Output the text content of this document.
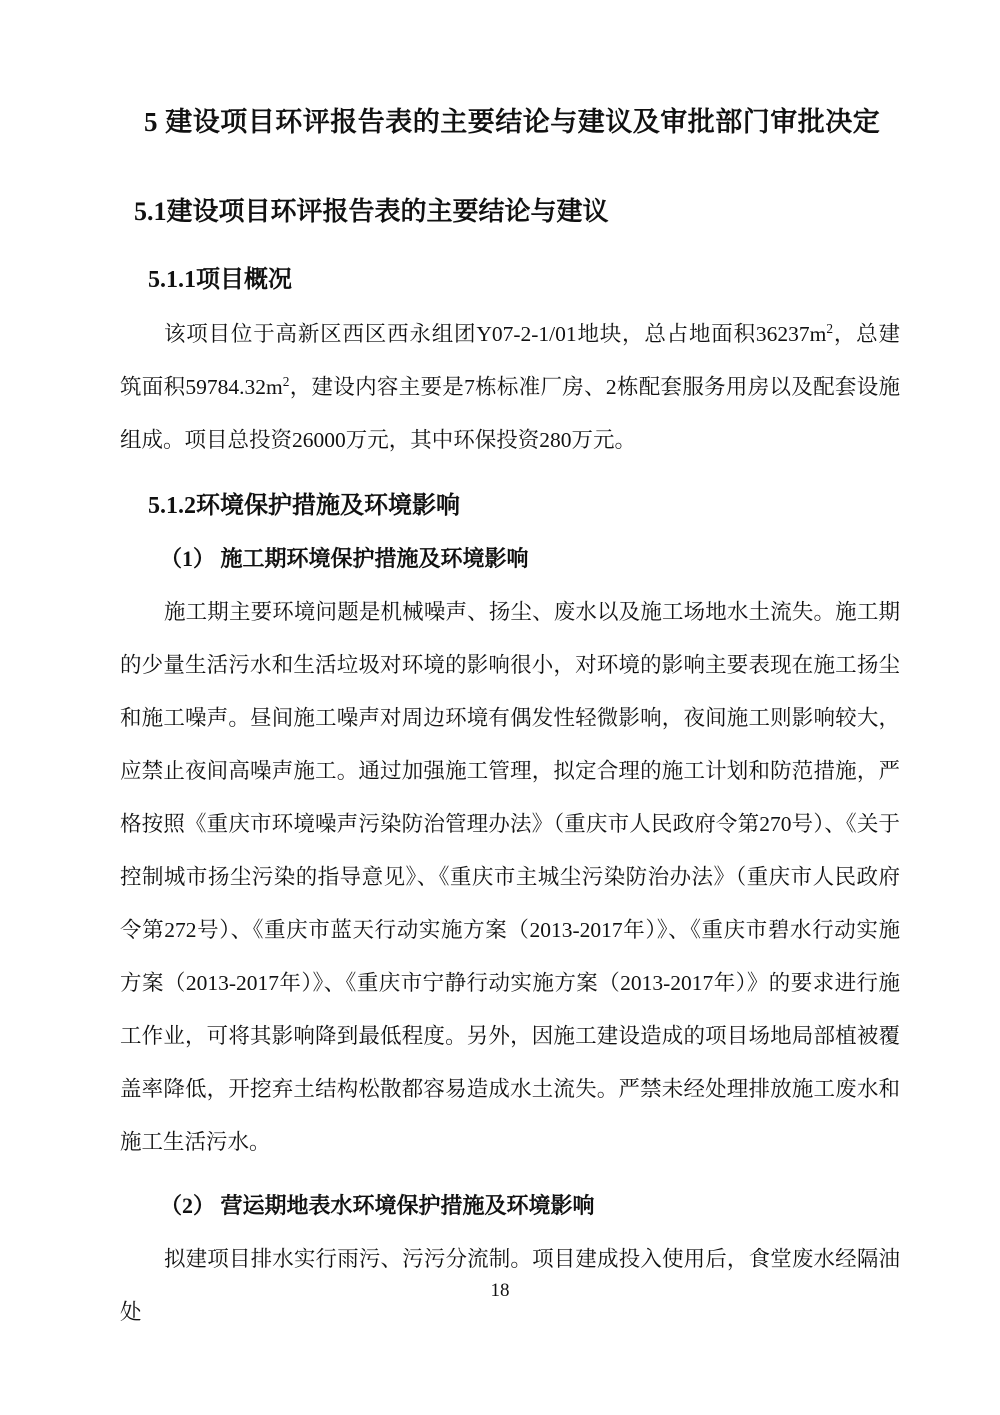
5 建设项目环评报告表的主要结论与建议及审批部门审批决定
5.1建设项目环评报告表的主要结论与建议
5.1.1项目概况

该项目位于高新区西区西永组团Y07-2-1/01地块，总占地面积$36237m^2$，总建筑面积$59784.32m^2$，建设内容主要是7栋标准厂房、2栋配套服务用房以及配套设施组成。项目总投资26000万元，其中环保投资280万元。

5.1.2环境保护措施及环境影响
（1） 施工期环境保护措施及环境影响

施工期主要环境问题是机械噪声、扬尘、废水以及施工场地水土流失。施工期的少量生活污水和生活垃圾对环境的影响很小，对环境的影响主要表现在施工扬尘和施工噪声。昼间施工噪声对周边环境有偶发性轻微影响，夜间施工则影响较大，应禁止夜间高噪声施工。通过加强施工管理，拟定合理的施工计划和防范措施，严格按照《重庆市环境噪声污染防治管理办法》（重庆市人民政府令第270号）、《关于控制城市扬尘污染的指导意见》、《重庆市主城尘污染防治办法》（重庆市人民政府令第272号）、《重庆市蓝天行动实施方案（2013-2017年）》、《重庆市碧水行动实施方案（2013-2017年）》、《重庆市宁静行动实施方案（2013-2017年）》的要求进行施工作业，可将其影响降到最低程度。另外，因施工建设造成的项目场地局部植被覆盖率降低，开挖弃土结构松散都容易造成水土流失。严禁未经处理排放施工废水和施工生活污水。

（2） 营运期地表水环境保护措施及环境影响

拟建项目排水实行雨污、污污分流制。项目建成投入使用后，食堂废水经隔油处

18
